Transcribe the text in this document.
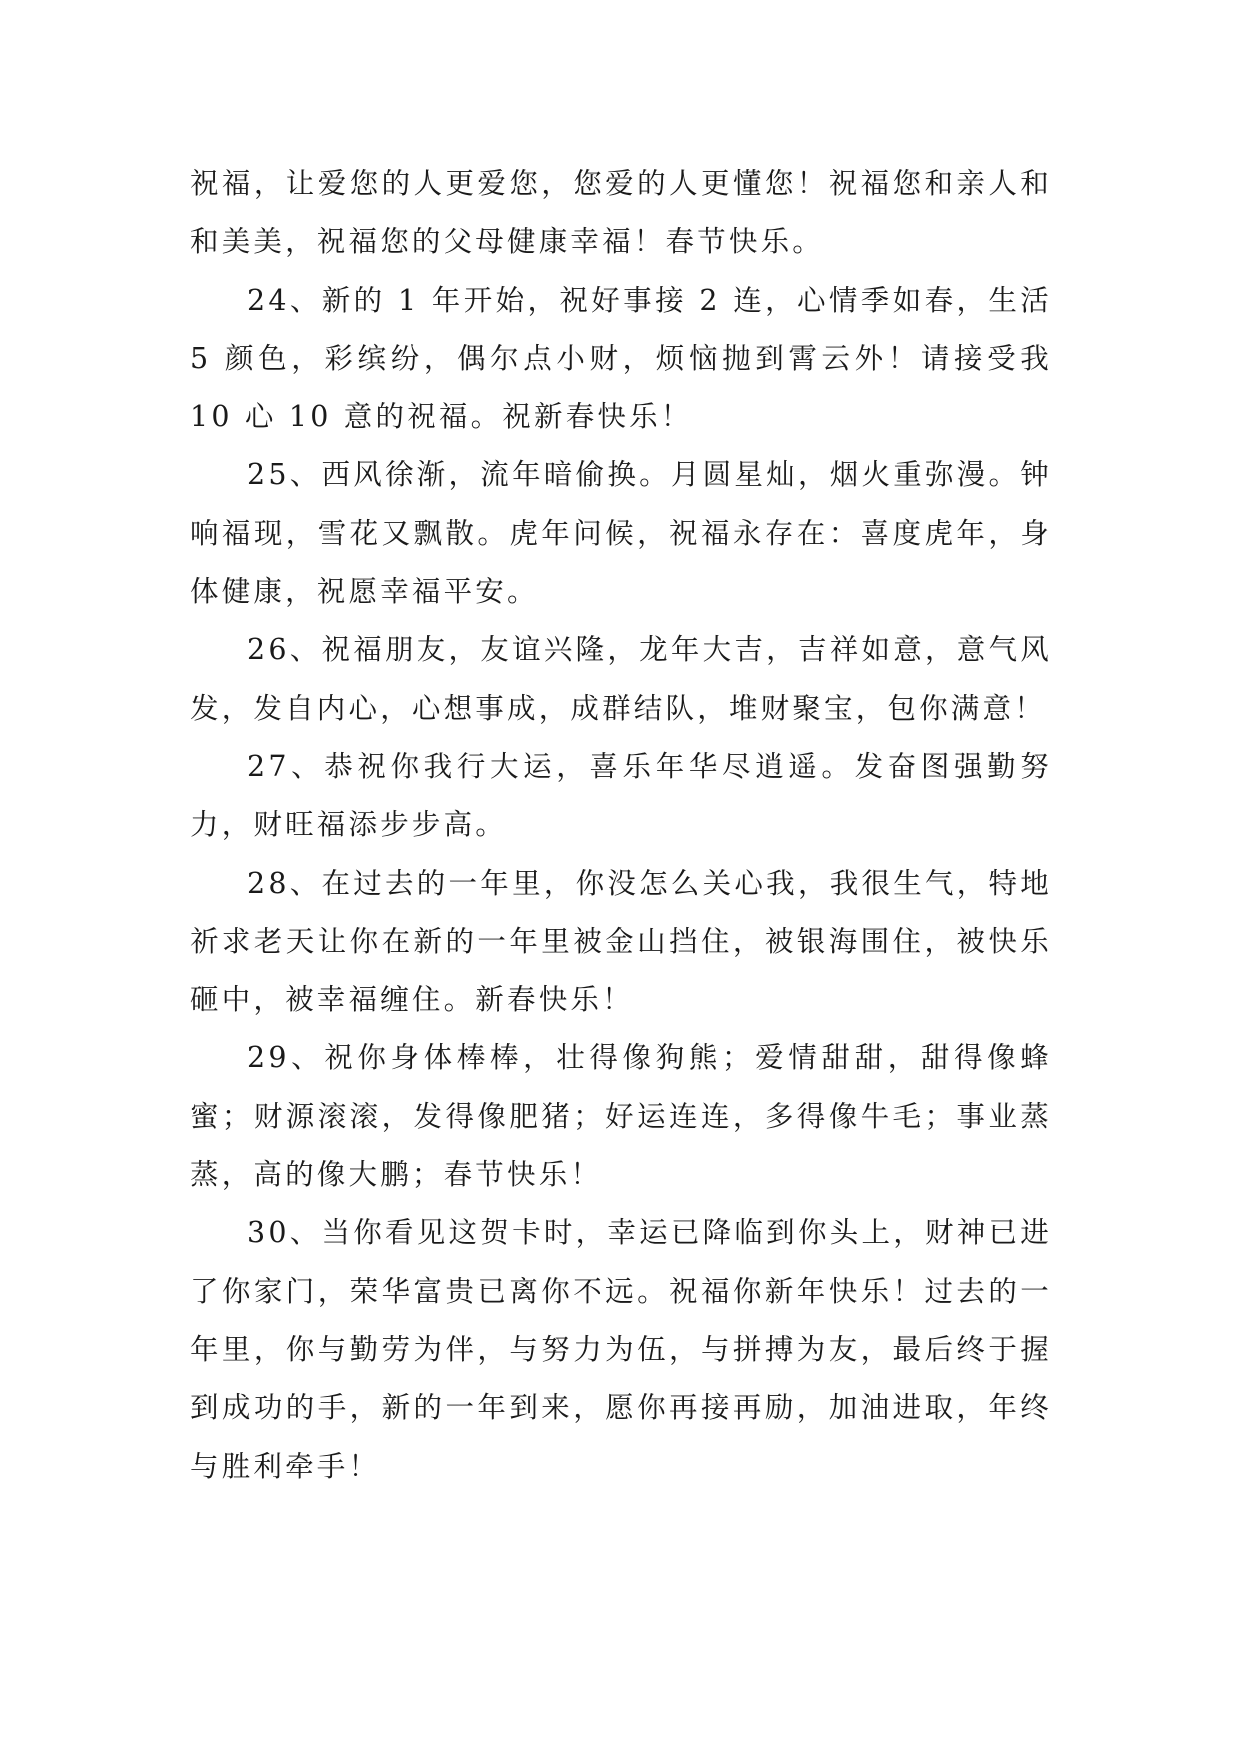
祝福，让爱您的人更爱您，您爱的人更懂您！祝福您和亲人和和美美，祝福您的父母健康幸福！春节快乐。

24、新的 1 年开始，祝好事接 2 连，心情季如春，生活 5 颜色，彩缤纷，偶尔点小财，烦恼抛到霄云外！请接受我 10 心 10 意的祝福。祝新春快乐！

25、西风徐渐，流年暗偷换。月圆星灿，烟火重弥漫。钟响福现，雪花又飘散。虎年问候，祝福永存在：喜度虎年，身体健康，祝愿幸福平安。

26、祝福朋友，友谊兴隆，龙年大吉，吉祥如意，意气风发，发自内心，心想事成，成群结队，堆财聚宝，包你满意！

27、恭祝你我行大运，喜乐年华尽逍遥。发奋图强勤努力，财旺福添步步高。

28、在过去的一年里，你没怎么关心我，我很生气，特地祈求老天让你在新的一年里被金山挡住，被银海围住，被快乐砸中，被幸福缠住。新春快乐！

29、祝你身体棒棒，壮得像狗熊；爱情甜甜，甜得像蜂蜜；财源滚滚，发得像肥猪；好运连连，多得像牛毛；事业蒸蒸，高的像大鹏；春节快乐！

30、当你看见这贺卡时，幸运已降临到你头上，财神已进了你家门，荣华富贵已离你不远。祝福你新年快乐！过去的一年里，你与勤劳为伴，与努力为伍，与拼搏为友，最后终于握到成功的手，新的一年到来，愿你再接再励，加油进取，年终与胜利牵手！
